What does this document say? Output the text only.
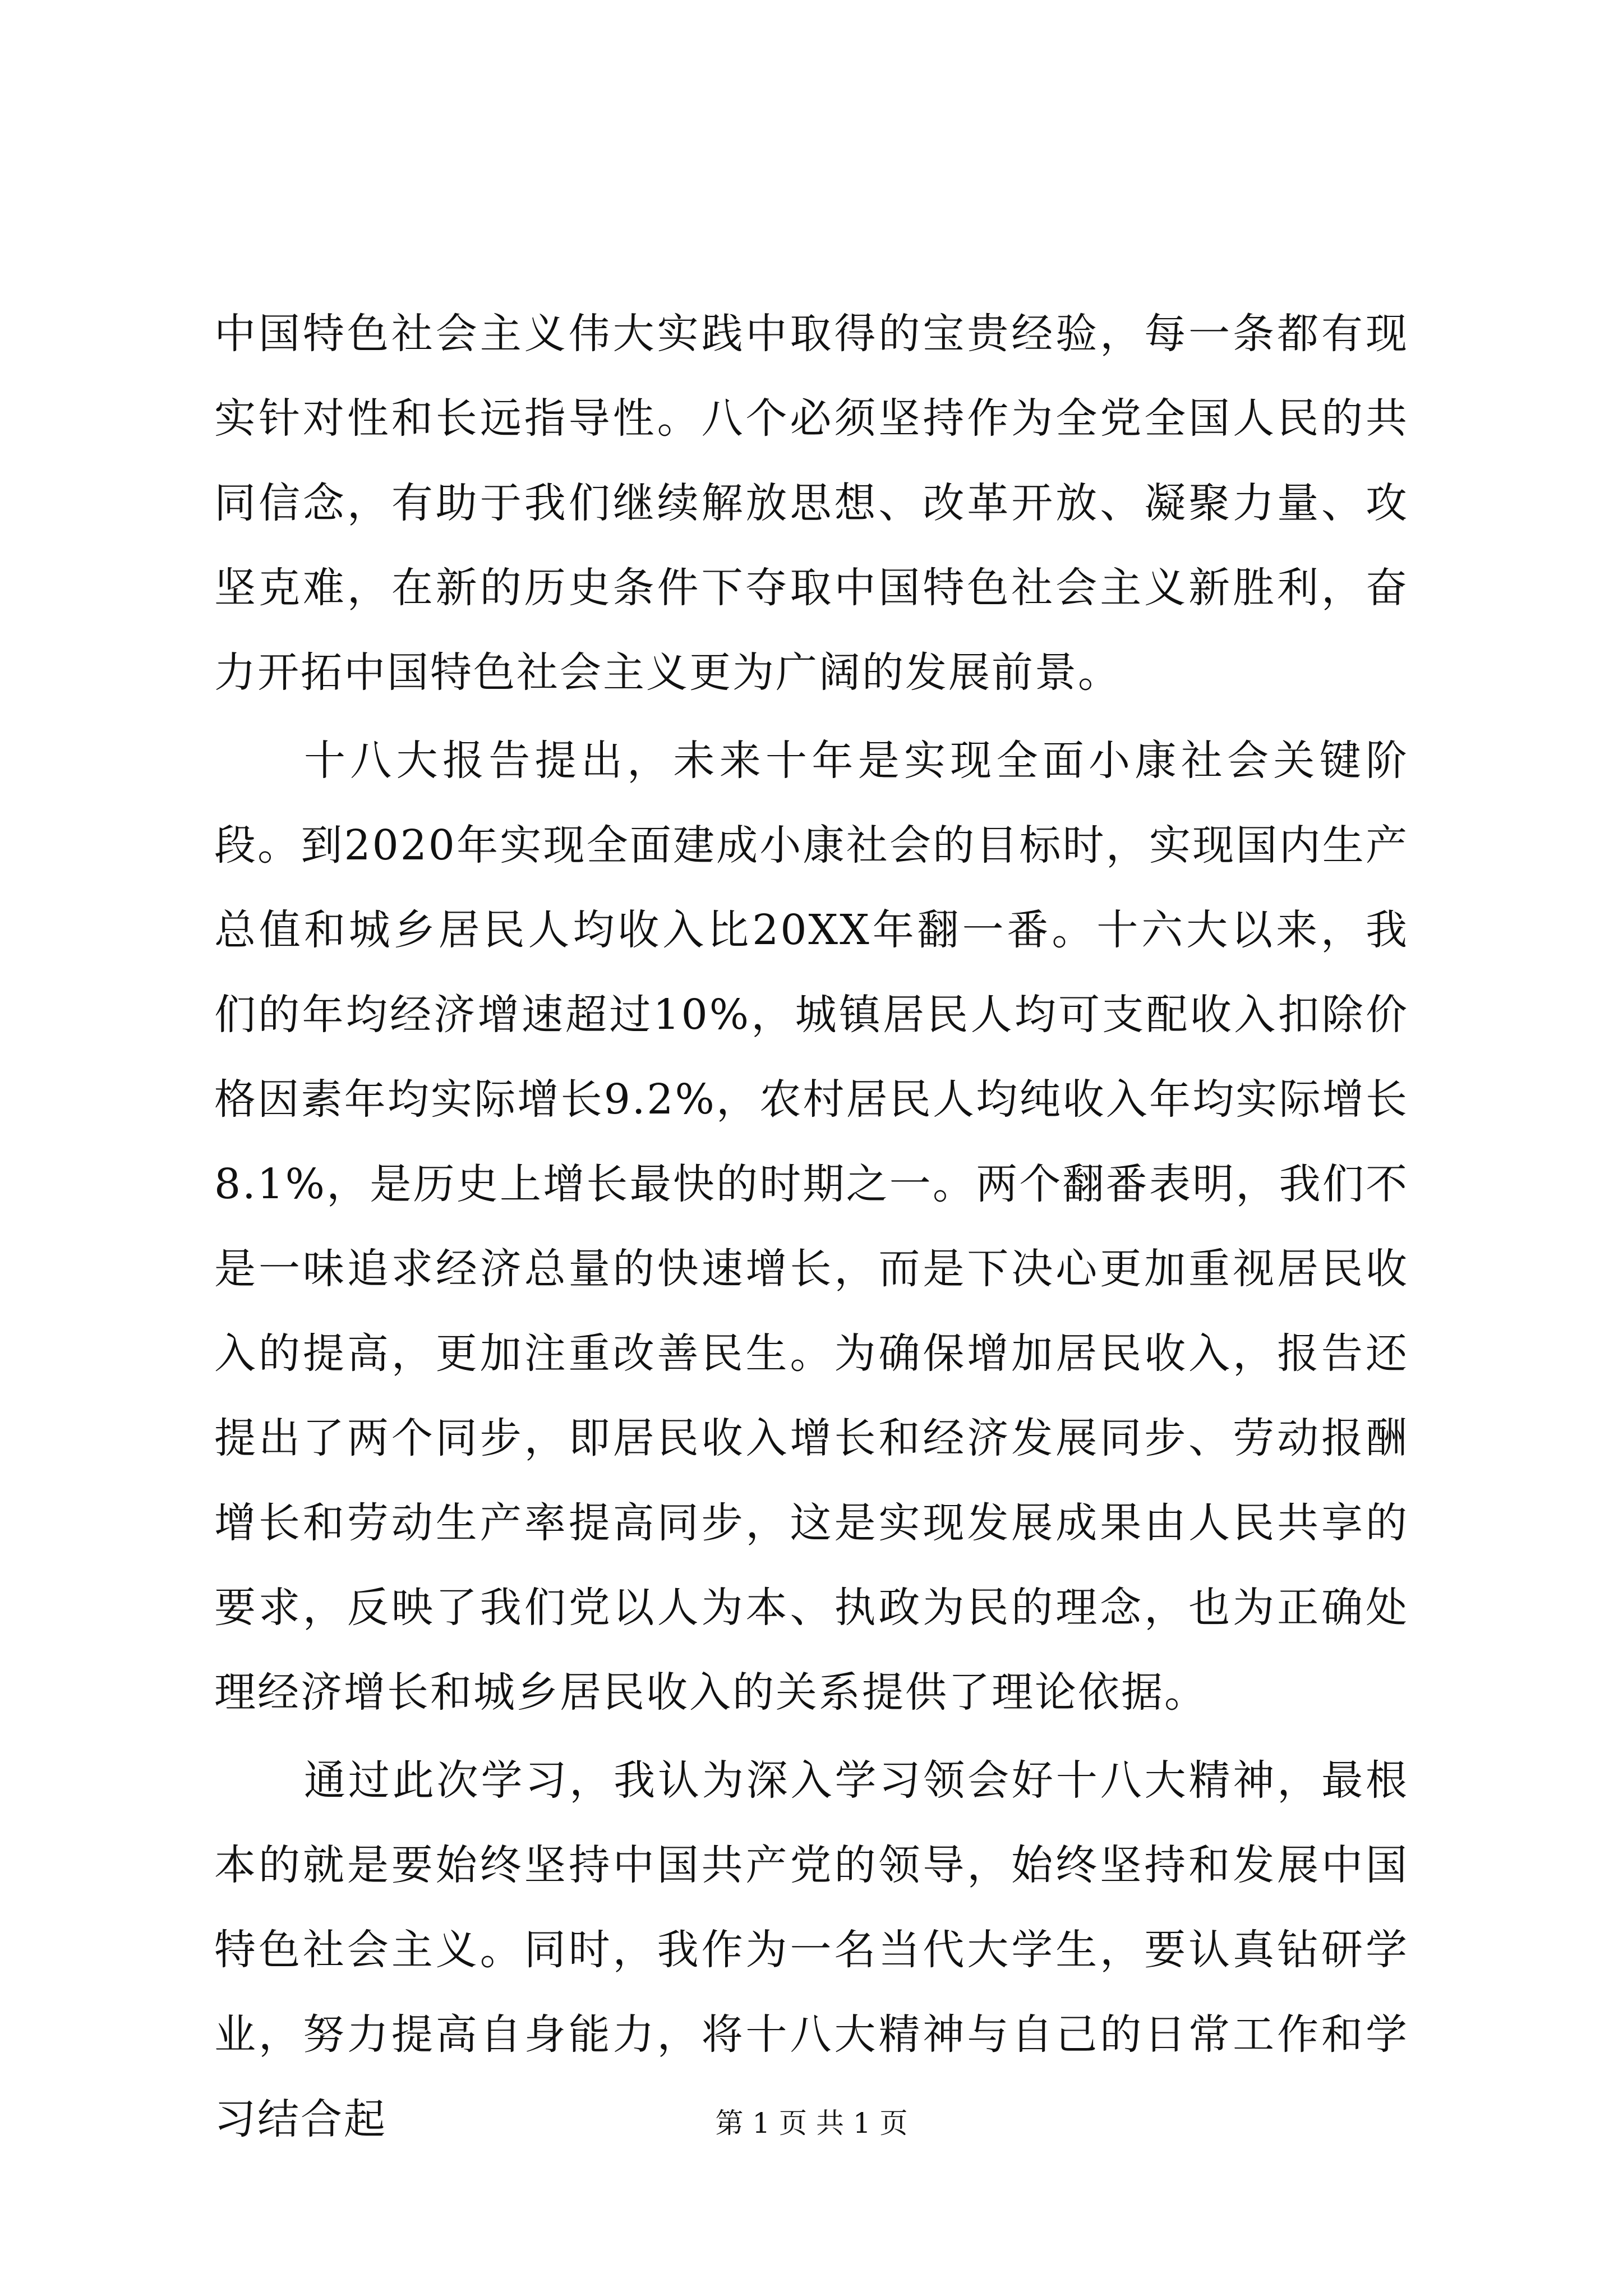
中国特色社会主义伟大实践中取得的宝贵经验，每一条都有现实针对性和长远指导性。八个必须坚持作为全党全国人民的共同信念，有助于我们继续解放思想、改革开放、凝聚力量、攻坚克难，在新的历史条件下夺取中国特色社会主义新胜利，奋力开拓中国特色社会主义更为广阔的发展前景。

十八大报告提出，未来十年是实现全面小康社会关键阶段。到2020年实现全面建成小康社会的目标时，实现国内生产总值和城乡居民人均收入比20XX年翻一番。十六大以来，我们的年均经济增速超过10%，城镇居民人均可支配收入扣除价格因素年均实际增长9.2%，农村居民人均纯收入年均实际增长8.1%，是历史上增长最快的时期之一。两个翻番表明，我们不是一味追求经济总量的快速增长，而是下决心更加重视居民收入的提高，更加注重改善民生。为确保增加居民收入，报告还提出了两个同步，即居民收入增长和经济发展同步、劳动报酬增长和劳动生产率提高同步，这是实现发展成果由人民共享的要求，反映了我们党以人为本、执政为民的理念，也为正确处理经济增长和城乡居民收入的关系提供了理论依据。

通过此次学习，我认为深入学习领会好十八大精神，最根本的就是要始终坚持中国共产党的领导，始终坚持和发展中国特色社会主义。同时，我作为一名当代大学生，要认真钻研学业，努力提高自身能力，将十八大精神与自己的日常工作和学习结合起	第 1 页 共 1 页
